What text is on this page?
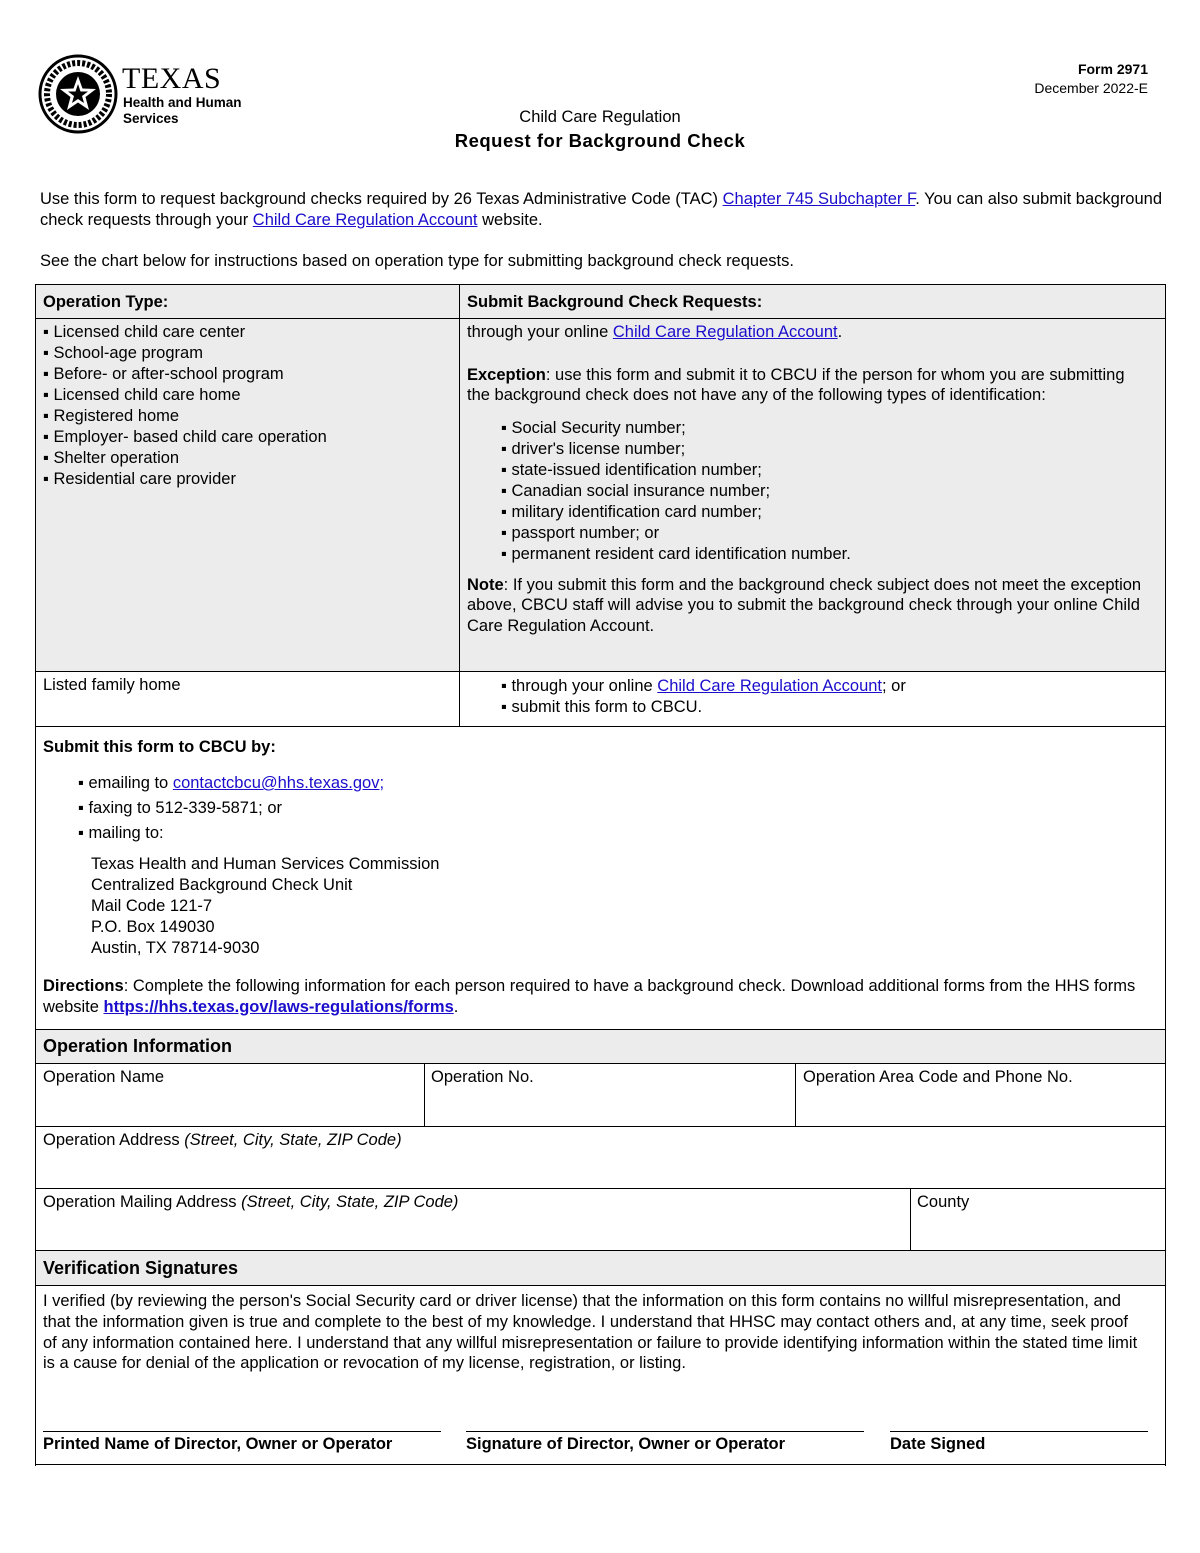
TEXAS
Health and Human
Services
Form 2971
December 2022-E
Child Care Regulation
Request for Background Check
Use this form to request background checks required by 26 Texas Administrative Code (TAC) Chapter 745 Subchapter F. You can also submit background check requests through your Child Care Regulation Account website.
See the chart below for instructions based on operation type for submitting background check requests.
Operation Type:	Submit Background Check Requests:
▪ Licensed child care center
▪ School-age program
▪ Before- or after-school program
▪ Licensed child care home
▪ Registered home
▪ Employer- based child care operation
▪ Shelter operation
▪ Residential care provider
through your online Child Care Regulation Account.
Exception: use this form and submit it to CBCU if the person for whom you are submitting the background check does not have any of the following types of identification:
▪ Social Security number;
▪ driver's license number;
▪ state-issued identification number;
▪ Canadian social insurance number;
▪ military identification card number;
▪ passport number; or
▪ permanent resident card identification number.
Note: If you submit this form and the background check subject does not meet the exception above, CBCU staff will advise you to submit the background check through your online Child Care Regulation Account.
Listed family home
▪	through your online Child Care Regulation Account; or
▪ submit this form to CBCU.
Submit this form to CBCU by:
▪ emailing to contactcbcu@hhs.texas.gov;
▪ faxing to 512-339-5871; or
▪ mailing to:
Texas Health and Human Services Commission
Centralized Background Check Unit
Mail Code 121-7
P.O. Box 149030
Austin, TX 78714-9030
Directions: Complete the following information for each person required to have a background check. Download additional forms from the HHS forms website https://hhs.texas.gov/laws-regulations/forms.
Operation Information
Operation Name	Operation No.	Operation Area Code and Phone No.
Operation Address (Street, City, State, ZIP Code)
Operation Mailing Address (Street, City, State, ZIP Code)	County
Verification Signatures
I verified (by reviewing the person's Social Security card or driver license) that the information on this form contains no willful misrepresentation, and that the information given is true and complete to the best of my knowledge. I understand that HHSC may contact others and, at any time, seek proof of any information contained here. I understand that any willful misrepresentation or failure to provide identifying information within the stated time limit is a cause for denial of the application or revocation of my license, registration, or listing.
Printed Name of Director, Owner or Operator	Signature of Director, Owner or Operator	Date Signed
